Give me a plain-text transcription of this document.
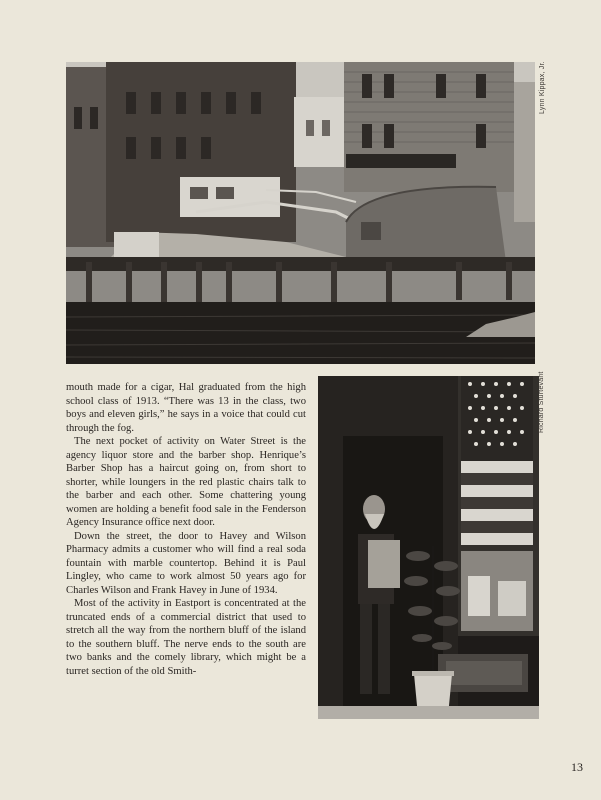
Lynn Kippax, Jr.
Richard Sturtevant

mouth made for a cigar, Hal graduated from the high school class of 1913. “There was 13 in the class, two boys and eleven girls,” he says in a voice that could cut through the fog.

The next pocket of activity on Water Street is the agency liquor store and the barber shop. Henrique’s Barber Shop has a haircut going on, from short to shorter, while loungers in the red plastic chairs talk to the barber and each other. Some chattering young women are holding a benefit food sale in the Fenderson Agency Insurance office next door.

Down the street, the door to Havey and Wilson Pharmacy admits a customer who will find a real soda fountain with marble countertop. Behind it is Paul Lingley, who came to work almost 50 years ago for Charles Wilson and Frank Havey in June of 1934.

Most of the activity in Eastport is concentrated at the truncated ends of a commercial district that used to stretch all the way from the northern bluff of the island to the southern bluff. The nerve ends to the south are two banks and the comely library, which might be a turret section of the old Smith-

13
